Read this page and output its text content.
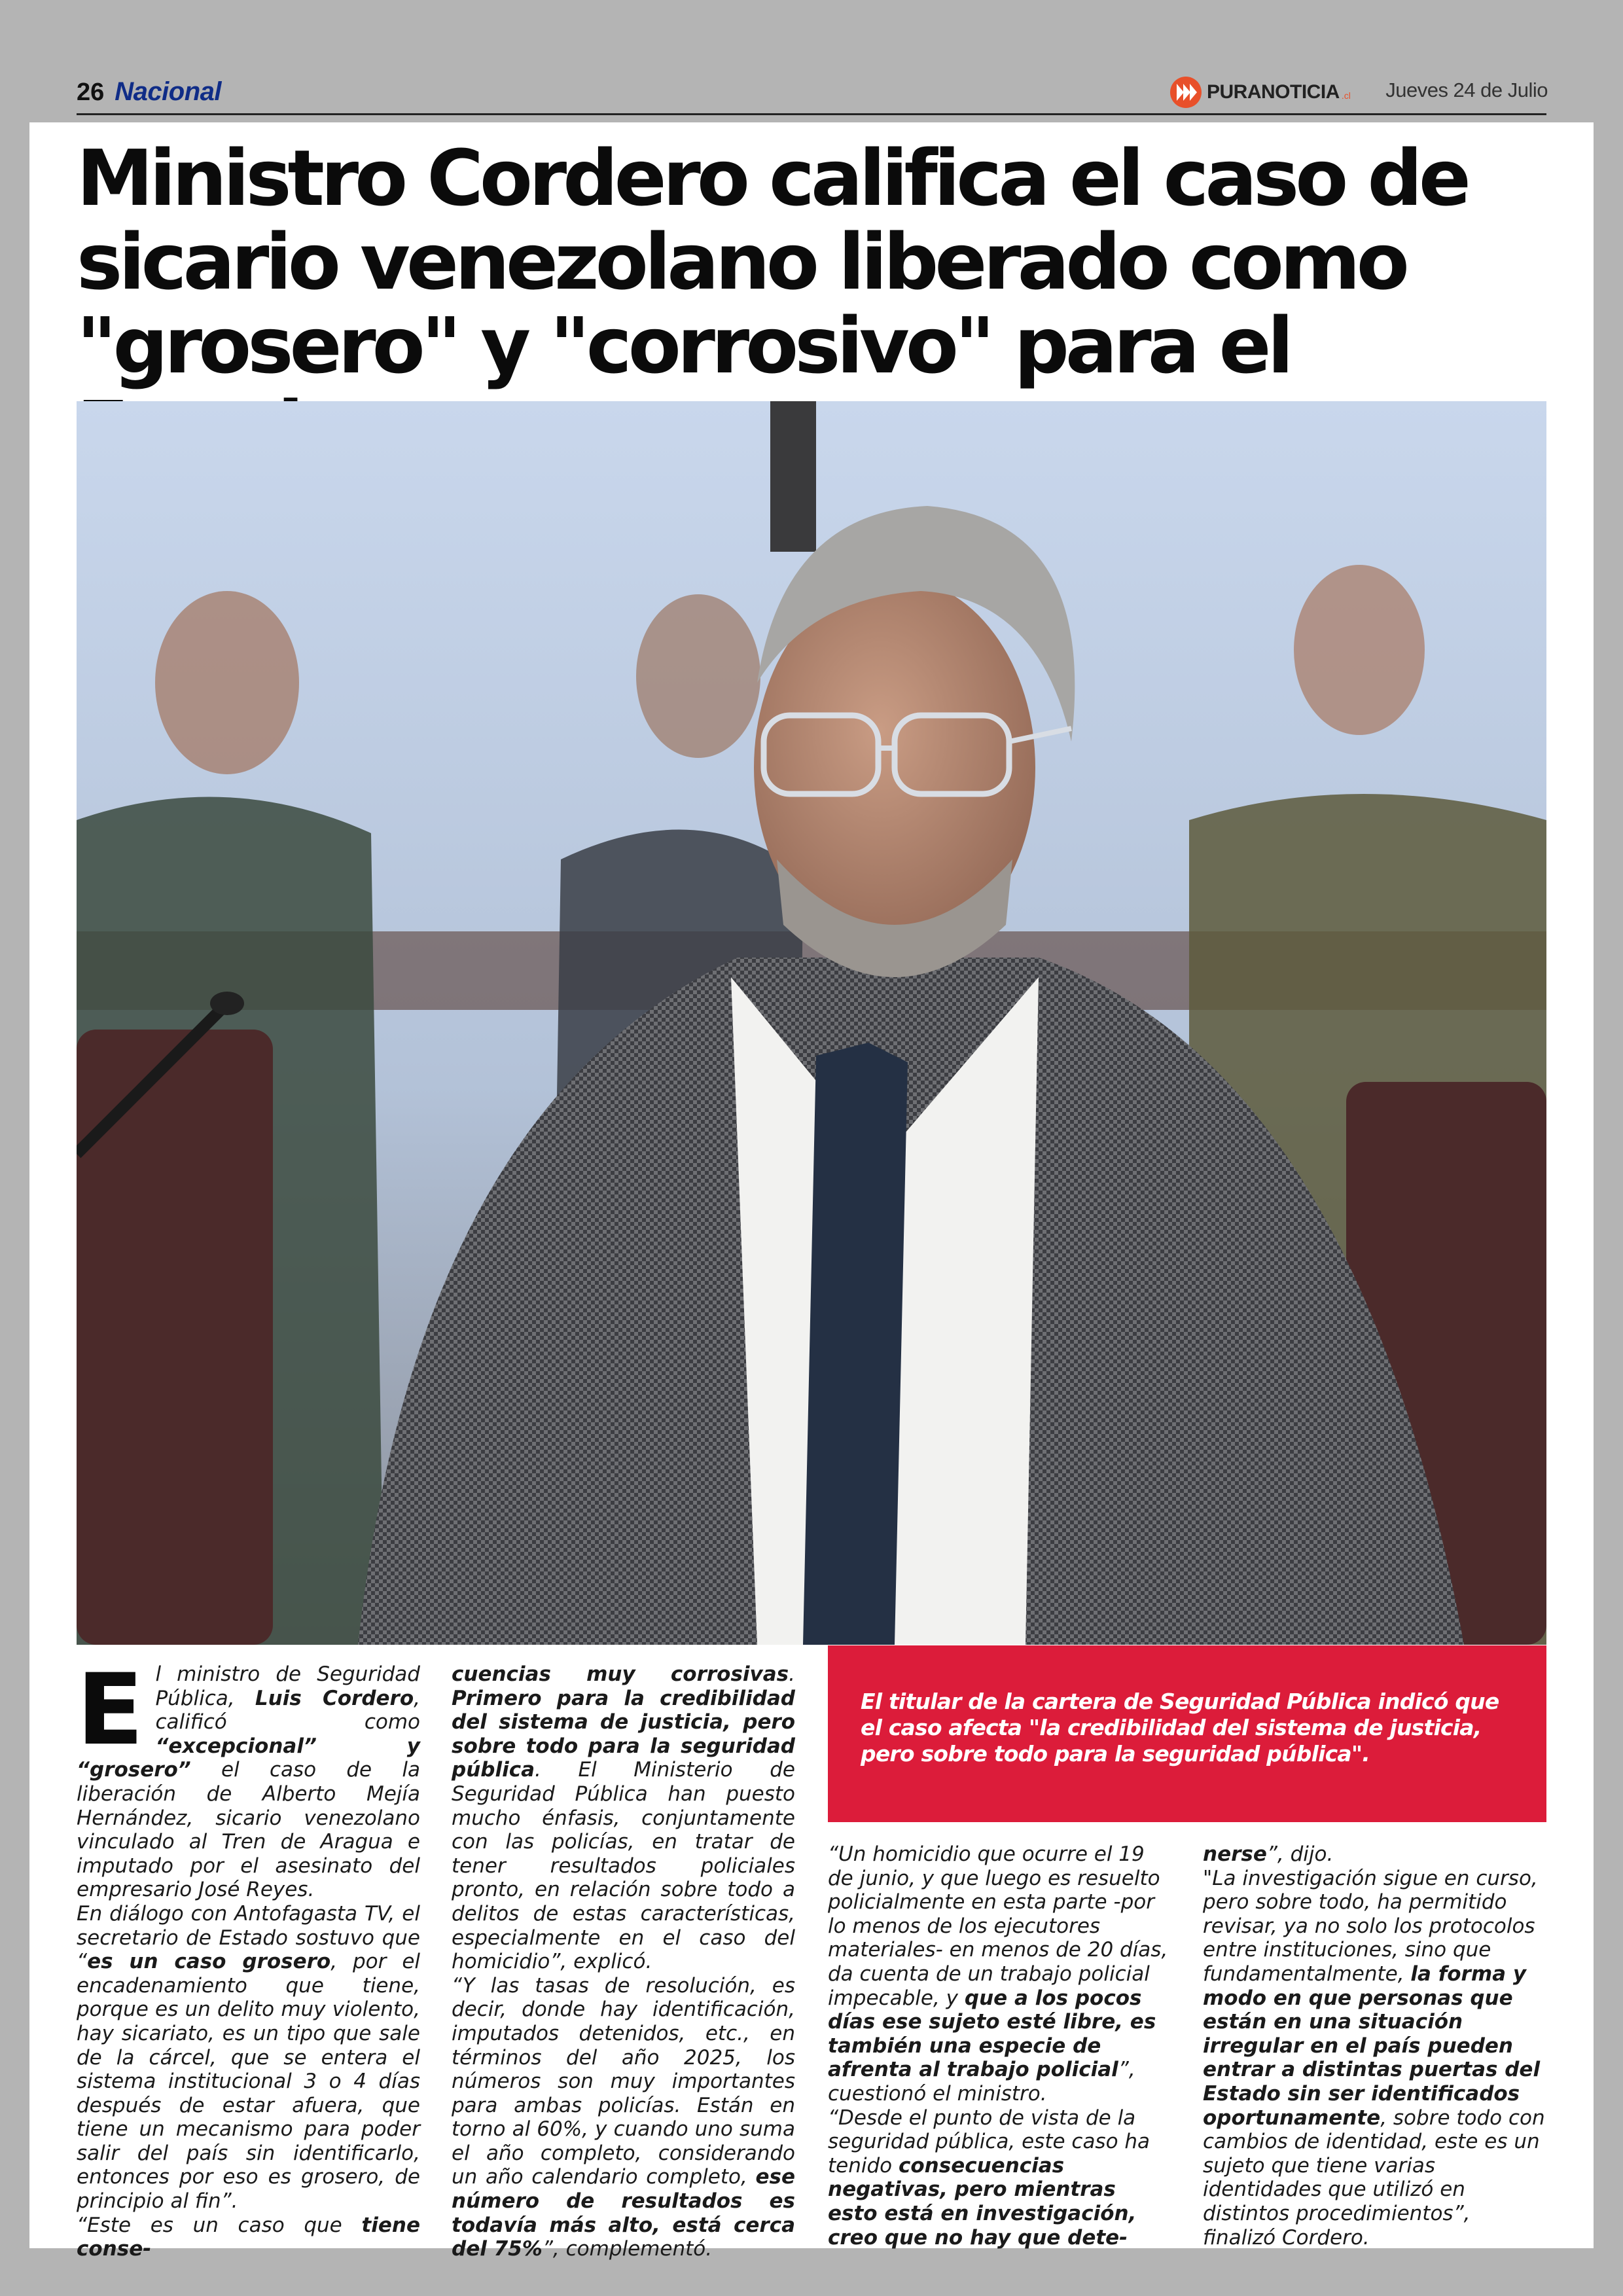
26 Nacional	PURANOTICIA .cl Jueves 24 de Julio
Ministro Cordero califica el caso de
sicario venezolano liberado como
"grosero" y "corrosivo" para el
E l ministro de Seguridad Pública, Luis Cordero, calificó como “excepcional” y “grosero” el caso de la liberación de Alberto Mejía Hernández, sicario venezolano vinculado al Tren de Aragua e imputado por el asesinato del empresario José Reyes.
En diálogo con Antofagasta TV, el secretario de Estado sostuvo que “es un caso grosero, por el encadenamiento que tiene, porque es un delito muy violento, hay sicariato, es un tipo que sale de la cárcel, que se entera el sistema institucional 3 o 4 días después de estar afuera, que tiene un mecanismo para poder salir del país sin identificarlo, entonces por eso es grosero, de principio al fin”.
“Este es un caso que tiene conse-

cuencias muy corrosivas. Primero para la credibilidad del sistema de justicia, pero sobre todo para la seguridad pública. El Ministerio de Seguridad Pública han puesto mucho énfasis, conjuntamente con las policías, en tratar de tener resultados policiales pronto, en relación sobre todo a delitos de estas características, especialmente en el caso del homicidio”, explicó.
“Y las tasas de resolución, es decir, donde hay identificación, imputados detenidos, etc., en términos del año 2025, los números son muy importantes para ambas policías. Están en torno al 60%, y cuando uno suma el año completo, considerando un año calendario completo, ese número de resultados es todavía más alto, está cerca del 75%”, complementó.

El titular de la cartera de Seguridad Pública indicó que el caso afecta "la credibilidad del sistema de justicia, pero sobre todo para la seguridad pública".

“Un homicidio que ocurre el 19 de junio, y que luego es resuelto policialmente en esta parte -por lo menos de los ejecutores materiales- en menos de 20 días, da cuenta de un trabajo policial impecable, y que a los pocos días ese sujeto esté libre, es también una especie de afrenta al trabajo policial”, cuestionó el ministro.
“Desde el punto de vista de la seguridad pública, este caso ha tenido consecuencias negativas, pero mientras esto está en investigación, creo que no hay que dete-

nerse”, dijo.
"La investigación sigue en curso, pero sobre todo, ha permitido revisar, ya no solo los protocolos entre instituciones, sino que fundamentalmente, la forma y modo en que personas que están en una situación irregular en el país pueden entrar a distintas puertas del Estado sin ser identificados oportunamente, sobre todo con cambios de identidad, este es un sujeto que tiene varias identidades que utilizó en distintos procedimientos”, finalizó Cordero.
